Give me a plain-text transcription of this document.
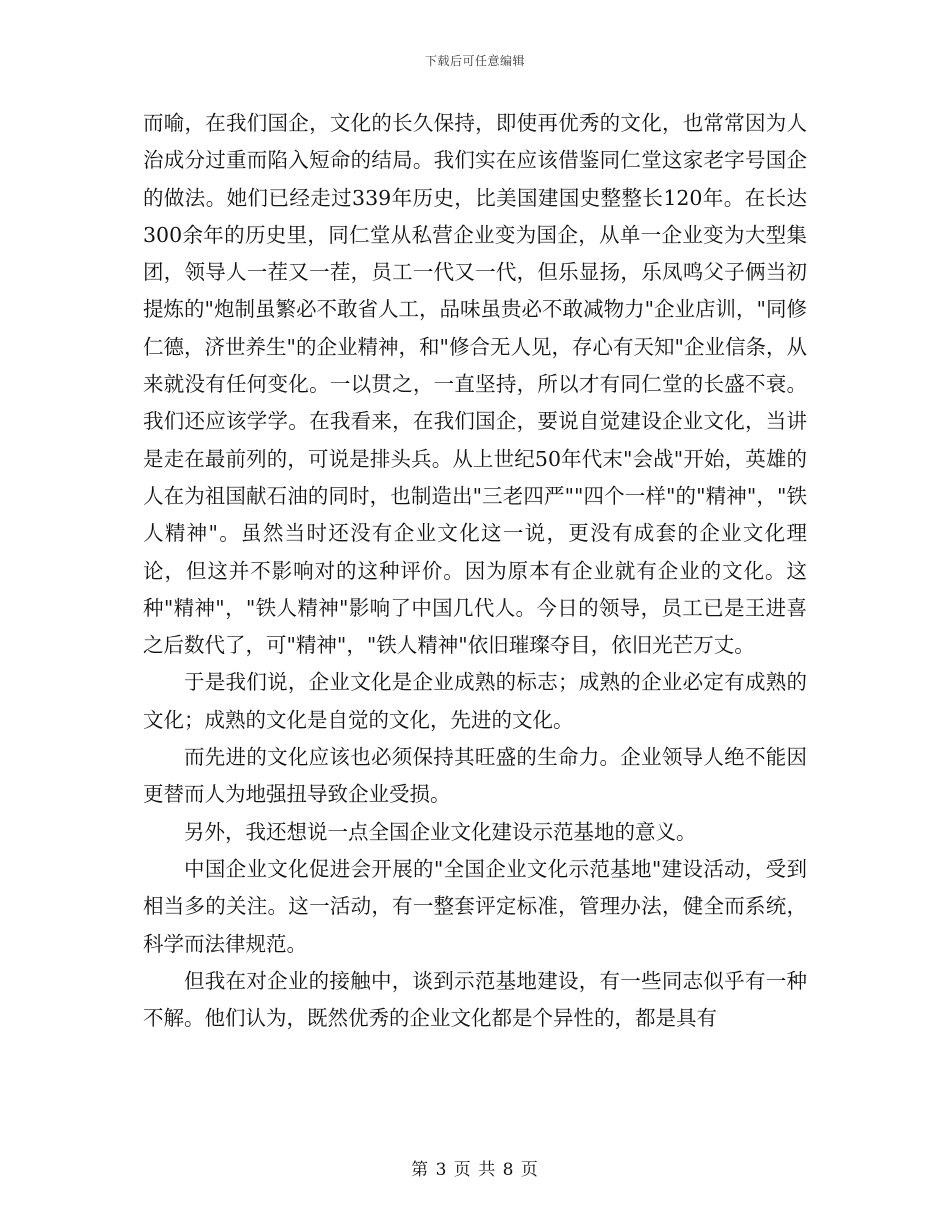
下载后可任意编辑

而喻，在我们国企，文化的长久保持，即使再优秀的文化，也常常因为人治成分过重而陷入短命的结局。我们实在应该借鉴同仁堂这家老字号国企的做法。她们已经走过339年历史，比美国建国史整整长120年。在长达300余年的历史里，同仁堂从私营企业变为国企，从单一企业变为大型集团，领导人一茬又一茬，员工一代又一代，但乐显扬，乐凤鸣父子俩当初提炼的"炮制虽繁必不敢省人工，品味虽贵必不敢减物力"企业店训，"同修仁德，济世养生"的企业精神，和"修合无人见，存心有天知"企业信条，从来就没有任何变化。一以贯之，一直坚持，所以才有同仁堂的长盛不衰。我们还应该学学。在我看来，在我们国企，要说自觉建设企业文化，当讲是走在最前列的，可说是排头兵。从上世纪50年代末"会战"开始，英雄的人在为祖国献石油的同时，也制造出"三老四严""四个一样"的"精神"，"铁人精神"。虽然当时还没有企业文化这一说，更没有成套的企业文化理论，但这并不影响对的这种评价。因为原本有企业就有企业的文化。这种"精神"，"铁人精神"影响了中国几代人。今日的领导，员工已是王进喜之后数代了，可"精神"，"铁人精神"依旧璀璨夺目，依旧光芒万丈。

于是我们说，企业文化是企业成熟的标志；成熟的企业必定有成熟的文化；成熟的文化是自觉的文化，先进的文化。

而先进的文化应该也必须保持其旺盛的生命力。企业领导人绝不能因更替而人为地强扭导致企业受损。

另外，我还想说一点全国企业文化建设示范基地的意义。

中国企业文化促进会开展的"全国企业文化示范基地"建设活动，受到相当多的关注。这一活动，有一整套评定标准，管理办法，健全而系统，科学而法律规范。

但我在对企业的接触中，谈到示范基地建设，有一些同志似乎有一种不解。他们认为，既然优秀的企业文化都是个异性的，都是具有

第 3 页 共 8 页
